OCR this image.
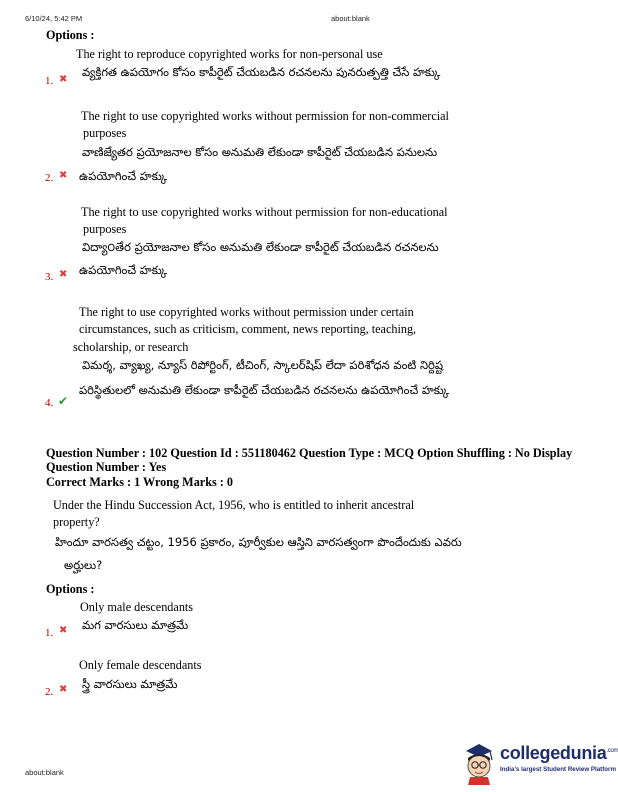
6/10/24, 5:42 PM	about:blank
Options :
The right to reproduce copyrighted works for non-personal use
వ్యక్తిగత ఉపయోగం కోసం కాపీరైట్ చేయబడిన రచనలను పునరుత్పత్తి చేసే హక్కు
1. ✖
The right to use copyrighted works without permission for non-commercial
purposes
వాణిజ్యేతర ప్రయోజనాల కోసం అనుమతి లేకుండా కాపీరైట్ చేయబడిన పనులను
ఉపయోగించే హక్కు
2. ✖
The right to use copyrighted works without permission for non-educational
purposes
విద్యా౦తేర ప్రయోజనాల కోసం అనుమతి లేకుండా కాపీరైట్ చేయబడిన రచనలను
ఉపయోగించే హక్కు
3. ✖
The right to use copyrighted works without permission under certain
circumstances, such as criticism, comment, news reporting, teaching,
scholarship, or research
విమర్శ, వ్యాఖ్య, న్యూస్ రిపోర్టింగ్, టీచింగ్, స్కాలర్‌షిప్ లేదా పరిశోధన వంటి నిర్దిష్ట
పరిస్థితులలో అనుమతి లేకుండా కాపీరైట్ చేయబడిన రచనలను ఉపయోగించే హక్కు
4. ✔
Question Number : 102 Question Id : 551180462 Question Type : MCQ Option Shuffling : No Display
Question Number : Yes
Correct Marks : 1 Wrong Marks : 0
Under the Hindu Succession Act, 1956, who is entitled to inherit ancestral
property?
హిందూ వారసత్వ చట్టం, 1956 ప్రకారం, పూర్వీకుల ఆస్తిని వారసత్వంగా పొందేందుకు ఎవరు
అర్హులు?
Options :
Only male descendants
మగ వారసులు మాత్రమే
1. ✖
Only female descendants
స్త్రీ వారసులు మాత్రమే
2. ✖
about:blank
collegedunia$^{.com}$
India's largest Student Review Platform
